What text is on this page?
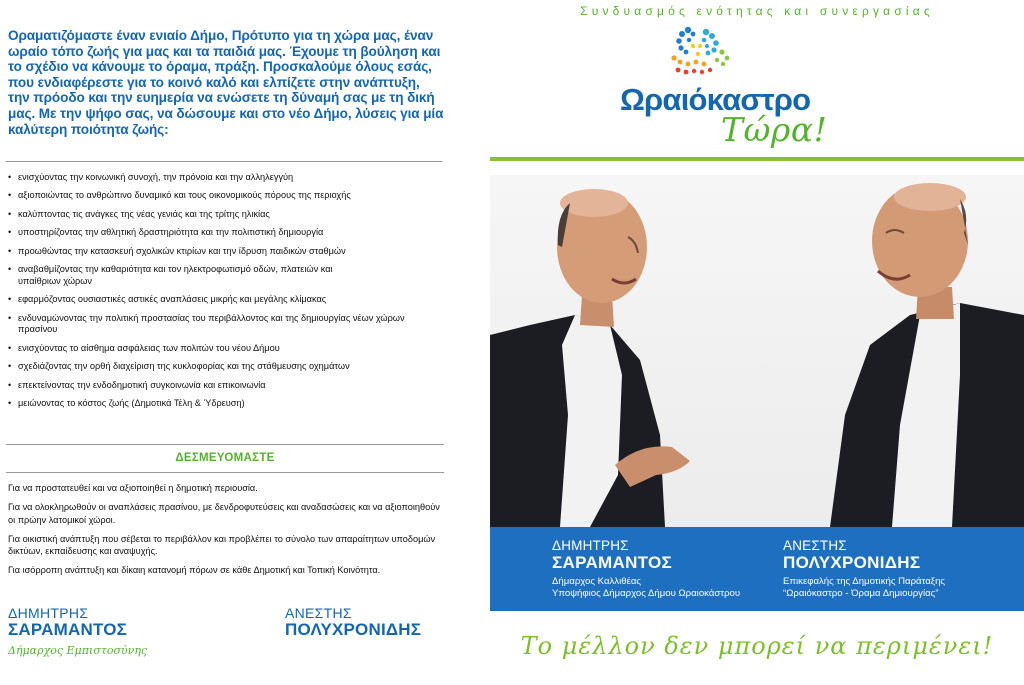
Οραματιζόμαστε έναν ενιαίο Δήμο, Πρότυπο για τη χώρα μας, έναν ωραίο τόπο ζωής για μας και τα παιδιά μας. Έχουμε τη βούληση και το σχέδιο να κάνουμε το όραμα, πράξη. Προσκαλούμε όλους εσάς, που ενδιαφέρεστε για το κοινό καλό και ελπίζετε στην ανάπτυξη, την πρόοδο και την ευημερία να ενώσετε τη δύναμή σας με τη δική μας. Με την ψήφο σας, να δώσουμε και στο νέο Δήμο, λύσεις για μία καλύτερη ποιότητα ζωής:

• ενισχύοντας την κοινωνική συνοχή, την πρόνοια και την αλληλεγγύη
• αξιοποιώντας το ανθρώπινο δυναμικό και τους οικονομικούς πόρους της περιοχής
• καλύπτοντας τις ανάγκες της νέας γενιάς και της τρίτης ηλικίας
• υποστηρίζοντας την αθλητική δραστηριότητα και την πολιτιστική δημιουργία
• προωθώντας την κατασκευή σχολικών κτιρίων και την ίδρυση παιδικών σταθμών
• αναβαθμίζοντας την καθαριότητα και τον ηλεκτροφωτισμό οδών, πλατειών και υπαίθριων χώρων
• εφαρμόζοντας ουσιαστικές αστικές αναπλάσεις μικρής και μεγάλης κλίμακας
• ενδυναμώνοντας την πολιτική προστασίας του περιβάλλοντος και της δημιουργίας νέων χώρων πρασίνου
• ενισχύοντας το αίσθημα ασφάλειας των πολιτών του νέου Δήμου
• σχεδιάζοντας την ορθή διαχείριση της κυκλοφορίας και της στάθμευσης οχημάτων
• επεκτείνοντας την ενδοδημοτική συγκοινωνία και επικοινωνία
• μειώνοντας το κόστος ζωής (Δημοτικά Τέλη & Ύδρευση)
ΔΕΣΜΕΥΟΜΑΣΤΕ

Για να προστατευθεί και να αξιοποιηθεί η δημοτική περιουσία.

Για να ολοκληρωθούν οι αναπλάσεις πρασίνου, με δενδροφυτεύσεις και αναδασώσεις και να αξιοποιηθούν οι πρώην λατομικοί χώροι.

Για οικιστική ανάπτυξη που σέβεται το περιβάλλον και προβλέπει το σύνολο των απαραίτητων υποδομών δικτύων, εκπαίδευσης και αναψυχής.

Για ισόρροπη ανάπτυξη και δίκαιη κατανομή πόρων σε κάθε Δημοτική και Τοπική Κοινότητα.

ΔΗΜΗΤΡΗΣ
ΣΑΡΑΜΑΝΤΟΣ
Δήμαρχος Εμπιστοσύνης
ΑΝΕΣΤΗΣ
ΠΟΛΥΧΡΟΝΙΔΗΣ
Συνδυασμός ενότητας και συνεργασίας
Ωραιόκαστρο
Τώρα!
ΔΗΜΗΤΡΗΣ
ΣΑΡΑΜΑΝΤΟΣ
Δήμαρχος Καλλιθέας
Υποψήφιος Δήμαρχος Δήμου Ωραιοκάστρου
ΑΝΕΣΤΗΣ
ΠΟΛΥΧΡΟΝΙΔΗΣ
Επικεφαλής της Δημοτικής Παράταξης
“Ωραιόκαστρο - Όραμα Δημιουργίας”
Το μέλλον δεν μπορεί να περιμένει!
